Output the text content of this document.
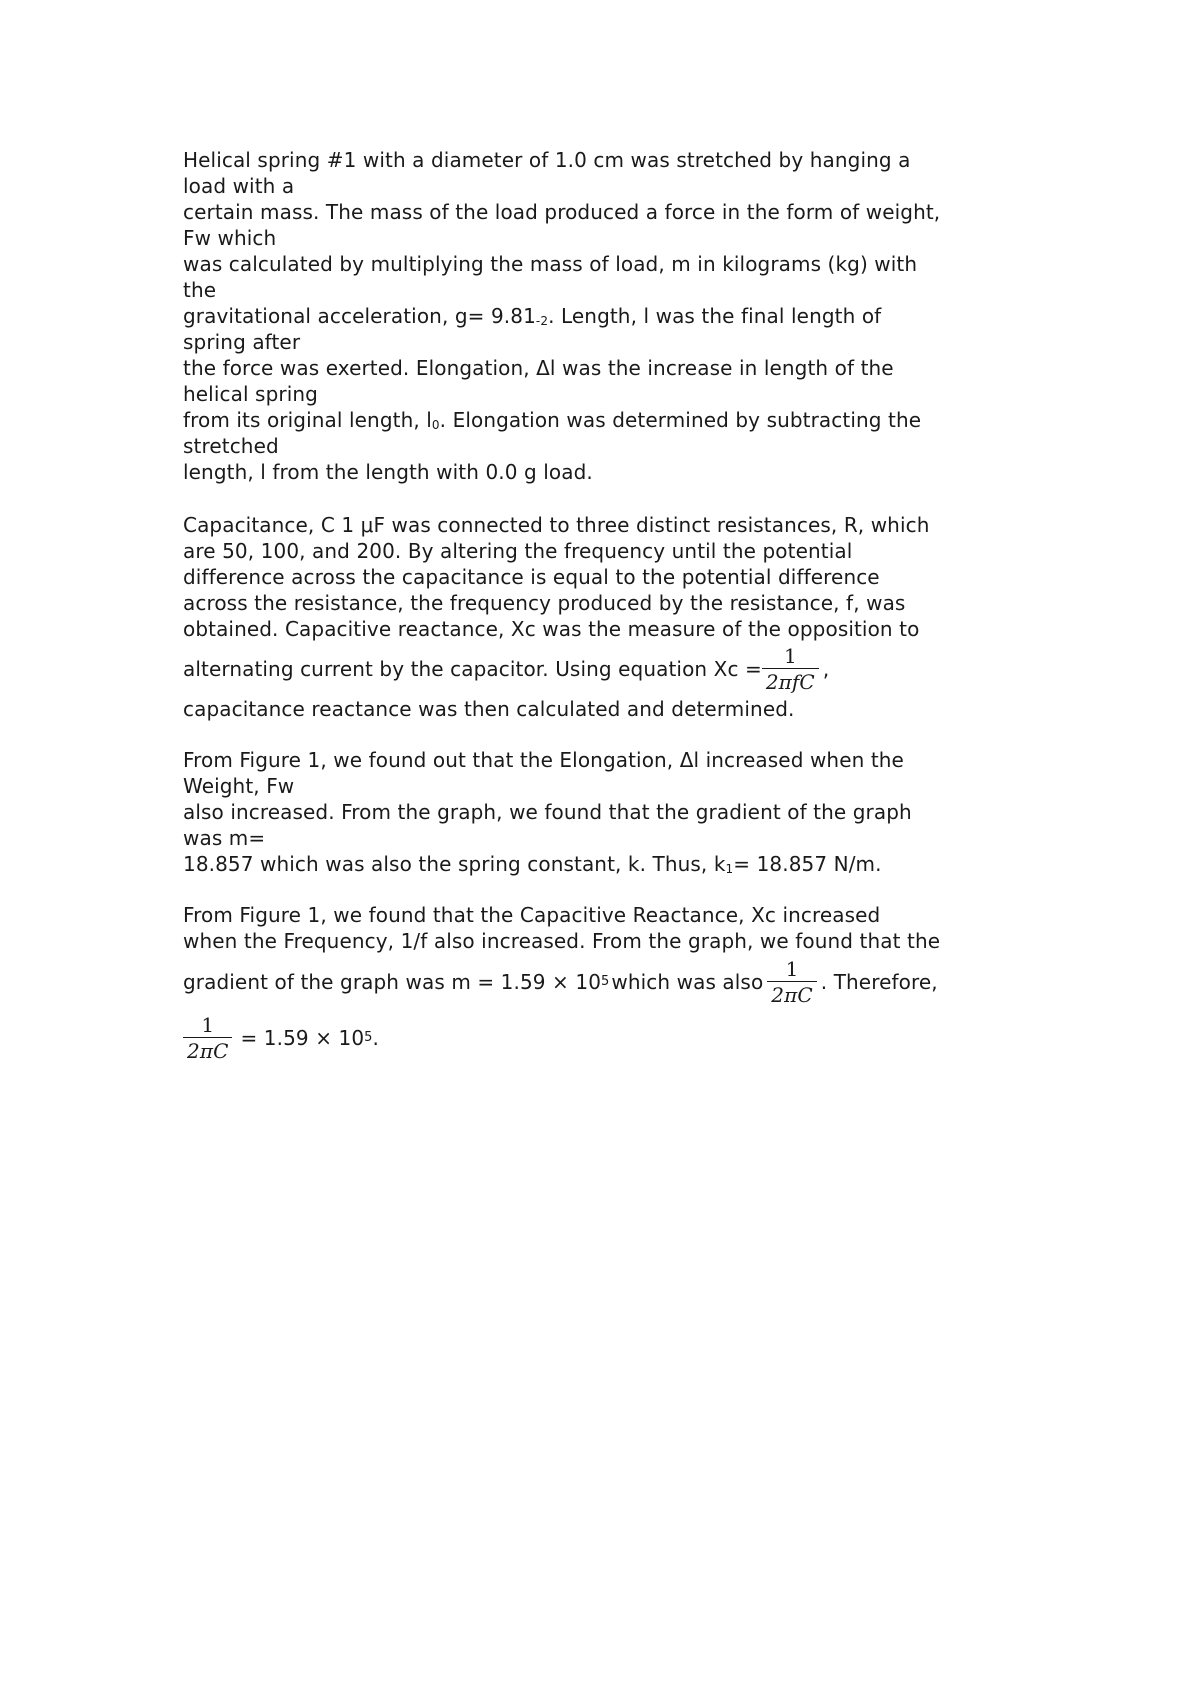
Helical spring #1 with a diameter of 1.0 cm was stretched by hanging a
load with a
certain mass. The mass of the load produced a force in the form of weight,
Fw which
was calculated by multiplying the mass of load, m in kilograms (kg) with
the
gravitational acceleration, g= 9.81-2. Length, l was the final length of
spring after
the force was exerted. Elongation, Δl was the increase in length of the
helical spring
from its original length, l0. Elongation was determined by subtracting the
stretched
length, l from the length with 0.0 g load.
Capacitance, C 1 μF was connected to three distinct resistances, R, which
are 50, 100, and 200. By altering the frequency until the potential
difference across the capacitance is equal to the potential difference
across the resistance, the frequency produced by the resistance, f, was
obtained. Capacitive reactance, Xc was the measure of the opposition to
alternating current by the capacitor. Using equation $Xc = \frac{1}{\text{2πfC}}$ ,
capacitance reactance was then calculated and determined.
From Figure 1, we found out that the Elongation, Δl increased when the
Weight, Fw
also increased. From the graph, we found that the gradient of the graph
was m=
18.857 which was also the spring constant, k. Thus, k1= 18.857 N/m.
From Figure 1, we found that the Capacitive Reactance, Xc increased
when the Frequency, 1/f also increased. From the graph, we found that the
gradient of the graph was m = 1.59 × 10 5 which was also $\frac{1}{2\pi C}$ . Therefore,
$\frac{1}{2\pi C} = 1.59 \times 10$ 5 .
